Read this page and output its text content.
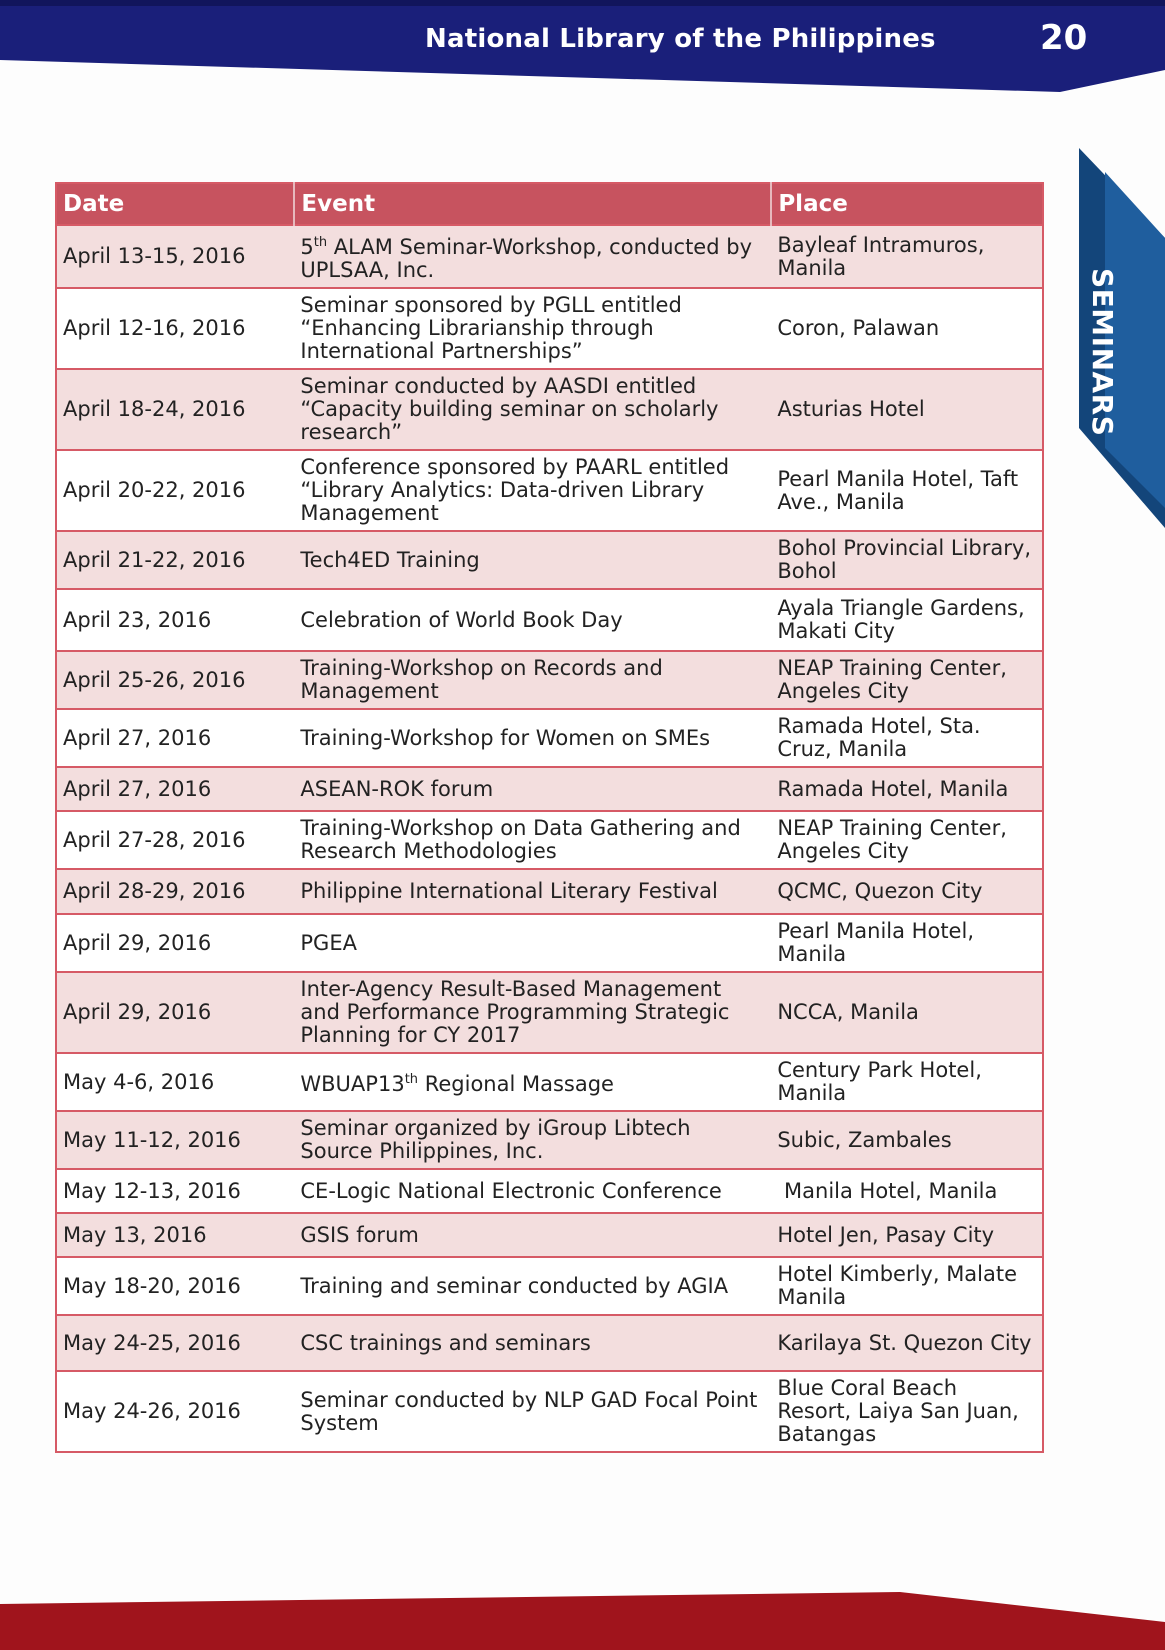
National Library of the Philippines	20
SEMINARS
Date	Event	Place
April 13-15, 2016	5th ALAM Seminar-Workshop, conducted by UPLSAA, Inc.	Bayleaf Intramuros, Manila
April 12-16, 2016	Seminar sponsored by PGLL entitled “Enhancing Librarianship through International Partnerships”	Coron, Palawan
April 18-24, 2016	Seminar conducted by AASDI entitled “Capacity building seminar on scholarly research”	Asturias Hotel
April 20-22, 2016	Conference sponsored by PAARL entitled “Library Analytics: Data-driven Library Management	Pearl Manila Hotel, Taft Ave., Manila
April 21-22, 2016	Tech4ED Training	Bohol Provincial Library, Bohol
April 23, 2016	Celebration of World Book Day	Ayala Triangle Gardens, Makati City
April 25-26, 2016	Training-Workshop on Records and Management	NEAP Training Center, Angeles City
April 27, 2016	Training-Workshop for Women on SMEs	Ramada Hotel, Sta. Cruz, Manila
April 27, 2016	ASEAN-ROK forum	Ramada Hotel, Manila
April 27-28, 2016	Training-Workshop on Data Gathering and Research Methodologies	NEAP Training Center, Angeles City
April 28-29, 2016	Philippine International Literary Festival	QCMC, Quezon City
April 29, 2016	PGEA	Pearl Manila Hotel, Manila
April 29, 2016	Inter-Agency Result-Based Management and Performance Programming Strategic Planning for CY 2017	NCCA, Manila
May 4-6, 2016	WBUAP13th Regional Massage	Century Park Hotel, Manila
May 11-12, 2016	Seminar organized by iGroup Libtech Source Philippines, Inc.	Subic, Zambales
May 12-13, 2016	CE-Logic National Electronic Conference	Manila Hotel, Manila
May 13, 2016	GSIS forum	Hotel Jen, Pasay City
May 18-20, 2016	Training and seminar conducted by AGIA	Hotel Kimberly, Malate Manila
May 24-25, 2016	CSC trainings and seminars	Karilaya St. Quezon City
May 24-26, 2016	Seminar conducted by NLP GAD Focal Point System	Blue Coral Beach Resort, Laiya San Juan, Batangas
